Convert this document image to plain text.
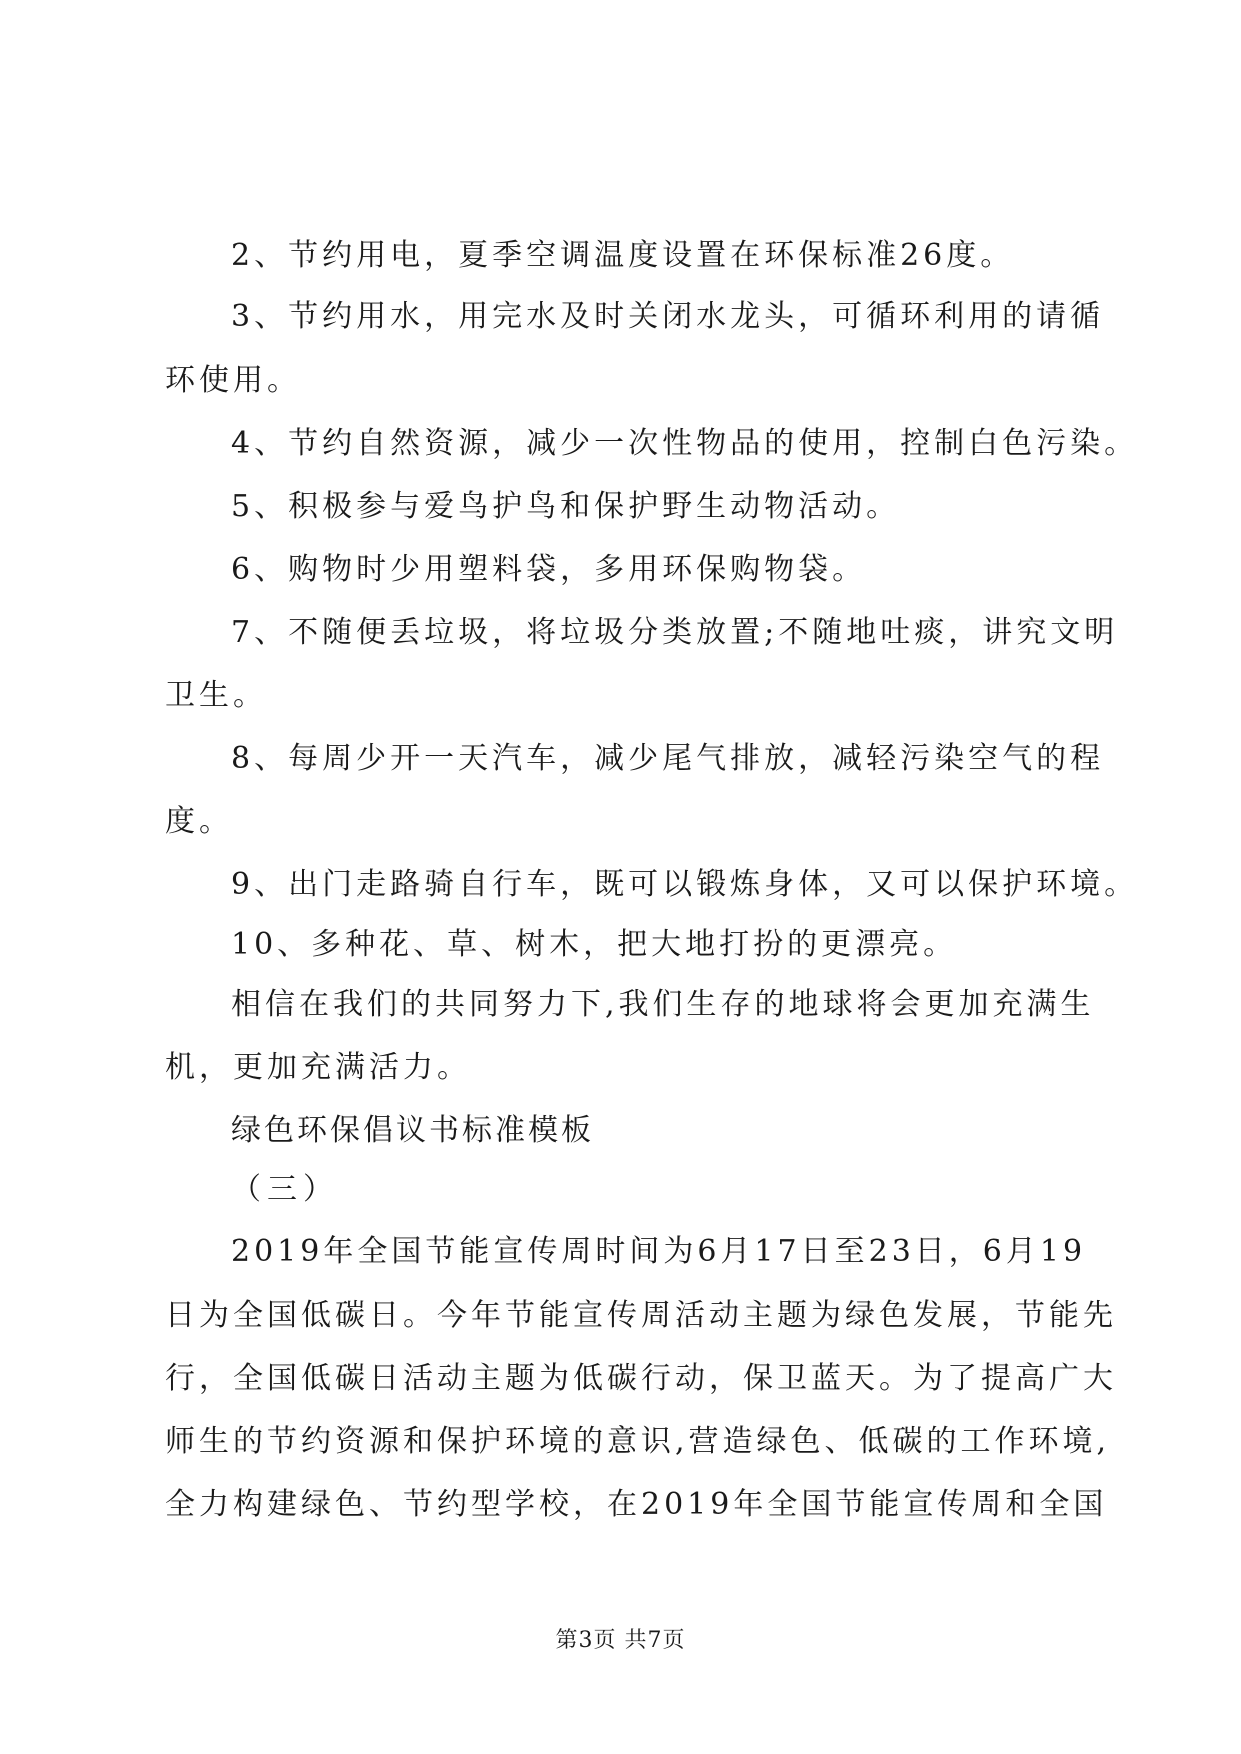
2、节约用电，夏季空调温度设置在环保标准26度。
3、节约用水，用完水及时关闭水龙头，可循环利用的请循
环使用。
4、节约自然资源，减少一次性物品的使用，控制白色污染。
5、积极参与爱鸟护鸟和保护野生动物活动。
6、购物时少用塑料袋，多用环保购物袋。
7、不随便丢垃圾，将垃圾分类放置;不随地吐痰，讲究文明
卫生。
8、每周少开一天汽车，减少尾气排放，减轻污染空气的程
度。
9、出门走路骑自行车，既可以锻炼身体，又可以保护环境。
10、多种花、草、树木，把大地打扮的更漂亮。
相信在我们的共同努力下,我们生存的地球将会更加充满生
机，更加充满活力。
绿色环保倡议书标准模板
（三）
2019年全国节能宣传周时间为6月17日至23日，6月19
日为全国低碳日。今年节能宣传周活动主题为绿色发展，节能先
行，全国低碳日活动主题为低碳行动，保卫蓝天。为了提高广大
师生的节约资源和保护环境的意识,营造绿色、低碳的工作环境,
全力构建绿色、节约型学校，在2019年全国节能宣传周和全国
第3页 共7页
